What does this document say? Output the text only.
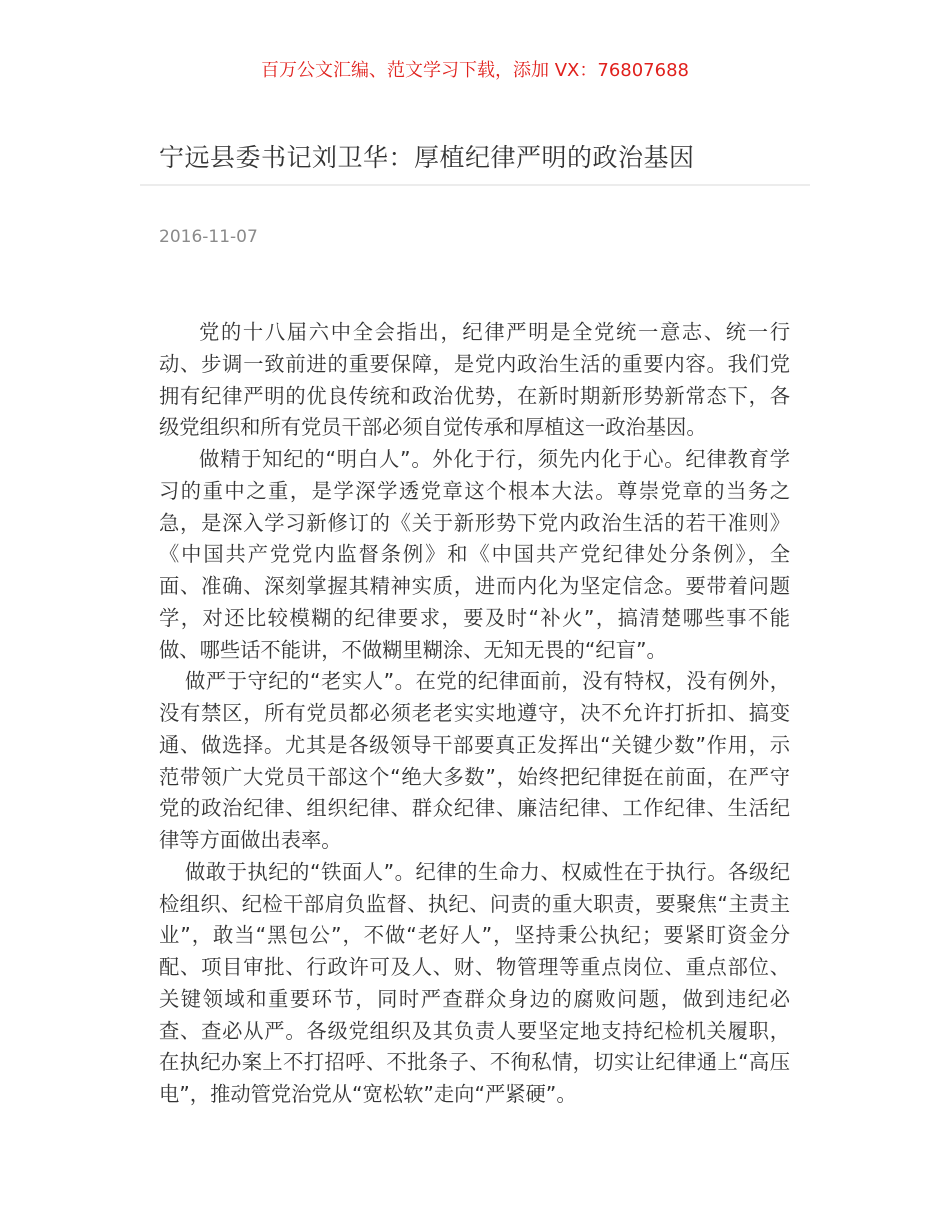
百万公文汇编、范文学习下载，添加 VX：76807688
宁远县委书记刘卫华：厚植纪律严明的政治基因
2016-11-07
党的十八届六中全会指出，纪律严明是全党统一意志、统一行
动、步调一致前进的重要保障，是党内政治生活的重要内容。我们党
拥有纪律严明的优良传统和政治优势，在新时期新形势新常态下，各
级党组织和所有党员干部必须自觉传承和厚植这一政治基因。
做精于知纪的“明白人”。外化于行，须先内化于心。纪律教育学
习的重中之重，是学深学透党章这个根本大法。尊崇党章的当务之
急，是深入学习新修订的《关于新形势下党内政治生活的若干准则》
《中国共产党党内监督条例》和《中国共产党纪律处分条例》，全
面、准确、深刻掌握其精神实质，进而内化为坚定信念。要带着问题
学，对还比较模糊的纪律要求，要及时“补火”，搞清楚哪些事不能
做、哪些话不能讲，不做糊里糊涂、无知无畏的“纪盲”。
做严于守纪的“老实人”。在党的纪律面前，没有特权，没有例外，
没有禁区，所有党员都必须老老实实地遵守，决不允许打折扣、搞变
通、做选择。尤其是各级领导干部要真正发挥出“关键少数”作用，示
范带领广大党员干部这个“绝大多数”，始终把纪律挺在前面，在严守
党的政治纪律、组织纪律、群众纪律、廉洁纪律、工作纪律、生活纪
律等方面做出表率。
做敢于执纪的“铁面人”。纪律的生命力、权威性在于执行。各级纪
检组织、纪检干部肩负监督、执纪、问责的重大职责，要聚焦“主责主
业”，敢当“黑包公”，不做“老好人”，坚持秉公执纪；要紧盯资金分
配、项目审批、行政许可及人、财、物管理等重点岗位、重点部位、
关键领域和重要环节，同时严查群众身边的腐败问题，做到违纪必
查、查必从严。各级党组织及其负责人要坚定地支持纪检机关履职，
在执纪办案上不打招呼、不批条子、不徇私情，切实让纪律通上“高压
电”，推动管党治党从“宽松软”走向“严紧硬”。
